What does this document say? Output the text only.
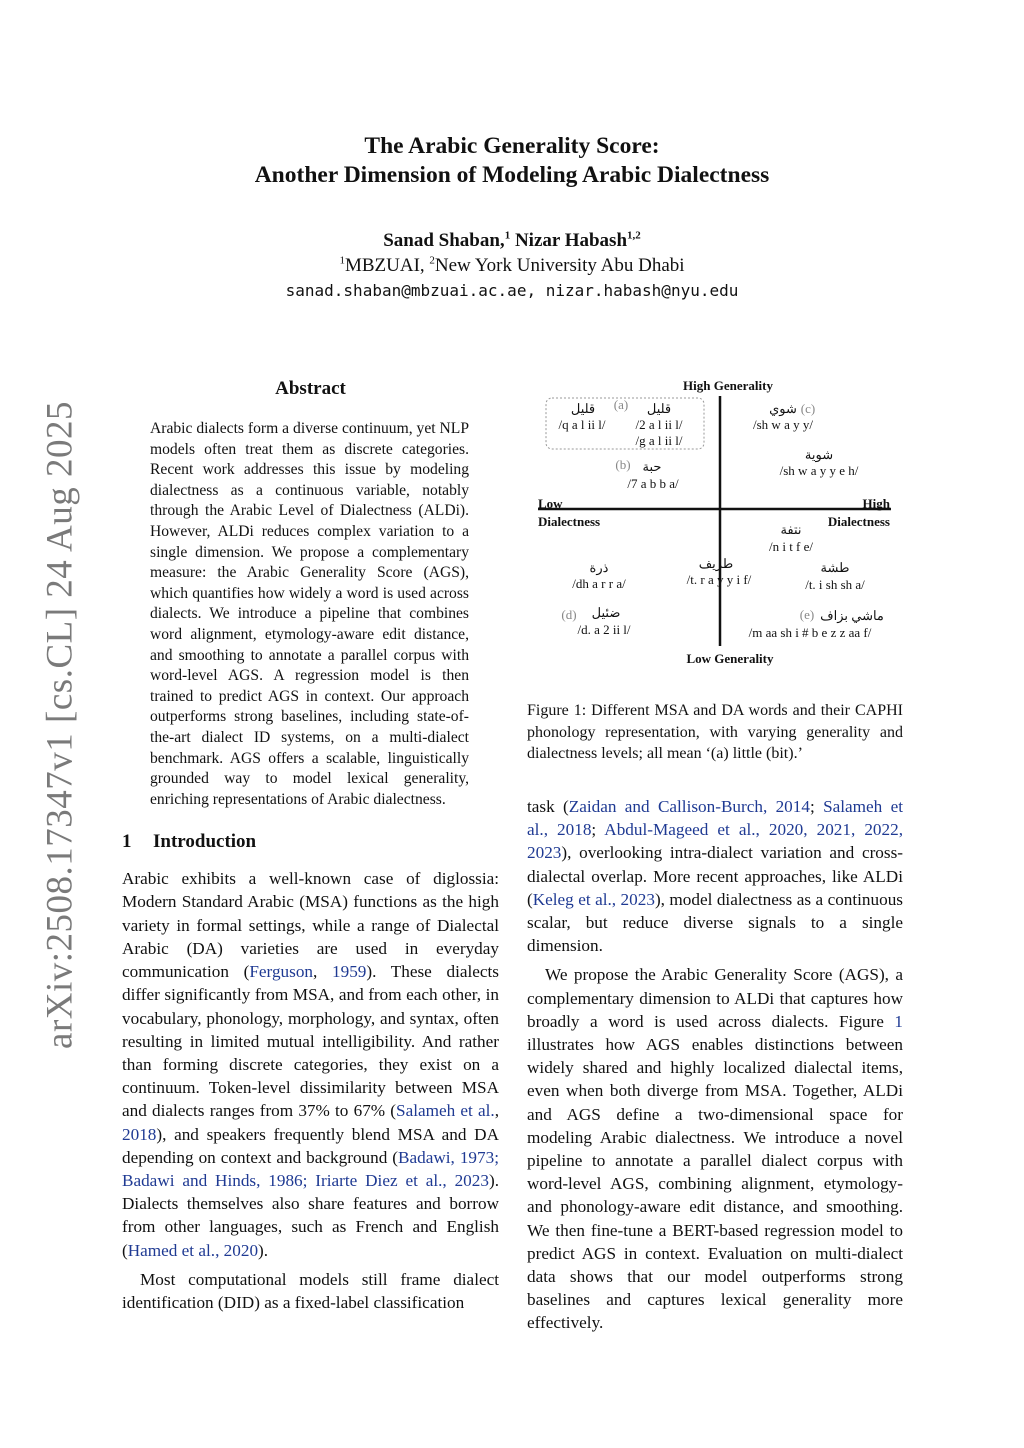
arXiv:2508.17347v1 [cs.CL] 24 Aug 2025
The Arabic Generality Score:
Another Dimension of Modeling Arabic Dialectness
Sanad Shaban,$^1$ Nizar Habash$^{1,2}$
$^1$MBZUAI, $^2$New York University Abu Dhabi
sanad.shaban@mbzuai.ac.ae, nizar.habash@nyu.edu
Abstract

Arabic dialects form a diverse continuum, yet NLP models often treat them as discrete categories. Recent work addresses this issue by modeling dialectness as a continuous variable, notably through the Arabic Level of Dialectness (ALDi). However, ALDi reduces complex variation to a single dimension. We propose a complementary measure: the Arabic Generality Score (AGS), which quantifies how widely a word is used across dialects. We introduce a pipeline that combines word alignment, etymology-aware edit distance, and smoothing to annotate a parallel corpus with word-level AGS. A regression model is then trained to predict AGS in context. Our approach outperforms strong baselines, including state-of-the-art dialect ID systems, on a multi-dialect benchmark. AGS offers a scalable, linguistically grounded way to model lexical generality, enriching representations of Arabic dialectness.

1 Introduction

Arabic exhibits a well-known case of diglossia: Modern Standard Arabic (MSA) functions as the high variety in formal settings, while a range of Dialectal Arabic (DA) varieties are used in everyday communication (Ferguson, 1959). These dialects differ significantly from MSA, and from each other, in vocabulary, phonology, morphology, and syntax, often resulting in limited mutual intelligibility. And rather than forming discrete categories, they exist on a continuum. Token-level dissimilarity between MSA and dialects ranges from 37% to 67% (Salameh et al., 2018), and speakers frequently blend MSA and DA depending on context and background (Badawi, 1973; Badawi and Hinds, 1986; Iriarte Diez et al., 2023). Dialects themselves also share features and borrow from other languages, such as French and English (Hamed et al., 2020).

Most computational models still frame dialect identification (DID) as a fixed-label classification

High Generality
Low Generality
Low
Dialectness
High
Dialectness
(a)
قليل
/q a l ii l/
قليل
/2 a l ii l/
/g a l ii l/
(b) حبة
/7 a b b a/
(c)
شوي
/sh w a y y/
شوية
/sh w a y y e h/
نتفة
/n i t f e/
طريف
/t. r a y y i f/
ذرة
/dh a r r a/
طشة
/t. i sh sh a/
(d) ضئيل
/d. a 2 ii l/
(e) ماشي بزاف
/m aa sh i # b e z z aa f/

Figure 1: Different MSA and DA words and their CAPHI phonology representation, with varying generality and dialectness levels; all mean ‘(a) little (bit).’

task (Zaidan and Callison-Burch, 2014; Salameh et al., 2018; Abdul-Mageed et al., 2020, 2021, 2022, 2023), overlooking intra-dialect variation and cross-dialectal overlap. More recent approaches, like ALDi (Keleg et al., 2023), model dialectness as a continuous scalar, but reduce diverse signals to a single dimension.

We propose the Arabic Generality Score (AGS), a complementary dimension to ALDi that captures how broadly a word is used across dialects. Figure 1 illustrates how AGS enables distinctions between widely shared and highly localized dialectal items, even when both diverge from MSA. Together, ALDi and AGS define a two-dimensional space for modeling Arabic dialectness. We introduce a novel pipeline to annotate a parallel dialect corpus with word-level AGS, combining alignment, etymology- and phonology-aware edit distance, and smoothing. We then fine-tune a BERT-based regression model to predict AGS in context. Evaluation on multi-dialect data shows that our model outperforms strong baselines and captures lexical generality more effectively.
